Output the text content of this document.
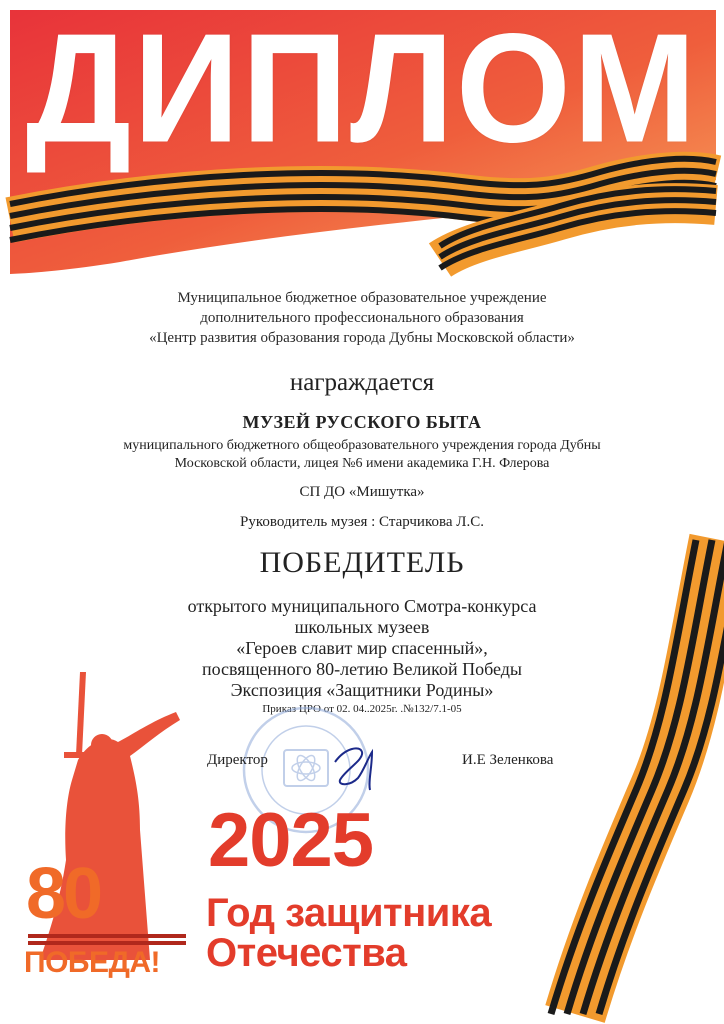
ДИПЛОМ
Муниципальное бюджетное образовательное учреждение
дополнительного профессионального образования
«Центр развития образования города Дубны Московской области»
награждается
МУЗЕЙ РУССКОГО БЫТА
муниципального бюджетного общеобразовательного учреждения города Дубны
Московской области, лицея №6 имени академика Г.Н. Флерова
СП ДО «Мишутка»
Руководитель музея : Старчикова Л.С.
ПОБЕДИТЕЛЬ
открытого муниципального Смотра-конкурса
школьных музеев
«Героев славит мир спасенный»,
посвященного 80-летию Великой Победы
Экспозиция «Защитники Родины»
Приказ ЦРО от 02. 04..2025г. .№132/7.1-05
Директор	И.Е Зеленкова
80
ПОБЕДА!
2025
Год защитника
Отечества
